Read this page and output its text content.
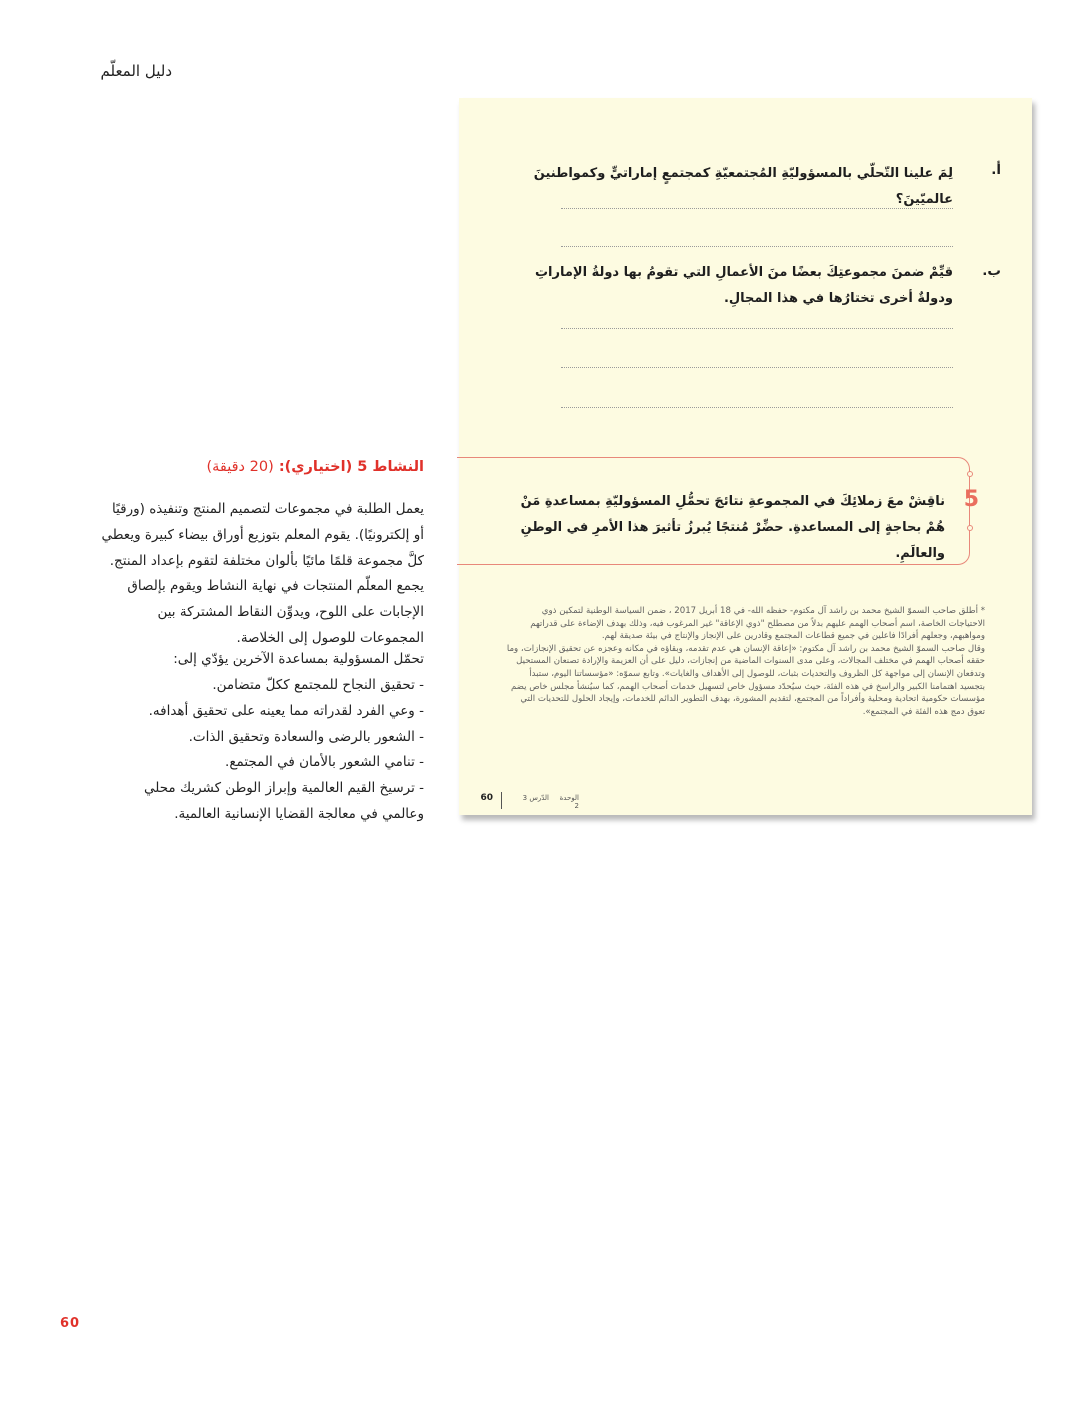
دليل المعلّم
أ.
لِمَ علينا التّحلّي بالمسؤوليّةِ المُجتمعيّةِ كمجتمعٍ إماراتيٍّ وكمواطنينَ عالميّينَ؟
ب.
قيِّمْ ضمنَ مجموعتِكَ بعضًا منَ الأعمالِ التي تقومُ بها دولةُ الإماراتِ ودولةٌ أخرى تختارُها في هذا المجالِ.
5
ناقِشْ معَ زملائِكَ في المجموعةِ نتائجَ تحمُّلِ المسؤوليّةِ بمساعدةِ مَنْ هُمْ بحاجةٍ إلى المساعدةِ. حضِّرْ مُنتجًا يُبرزُ تأثيرَ هذا الأمرِ في الوطنِ والعالَمِ.

* أطلق صاحب السموّ الشيخ محمد بن راشد آل مكتوم- حفظه الله- في 18 أبريل 2017 ، ضمن السياسة الوطنية لتمكين ذوي الاحتياجات الخاصة، اسم أصحاب الهمم عليهم بدلاً من مصطلح "ذوي الإعاقة" غير المرغوب فيه، وذلك بهدف الإضاءة على قدراتهم ومواهبهم، وجعلهم أفرادًا فاعلين في جميع قطاعات المجتمع وقادرين على الإنجاز والإنتاج في بيئة صديقة لهم.

وقال صاحب السموّ الشيخ محمد بن راشد آل مكتوم: «إعاقة الإنسان هي عدم تقدمه، وبقاؤه في مكانه وعجزه عن تحقيق الإنجازات، وما حققه أصحاب الهمم في مختلف المجالات، وعلى مدى السنوات الماضية من إنجازات، دليل على أن العزيمة والإرادة تصنعان المستحيل وتدفعان الإنسان إلى مواجهة كل الظروف والتحديات بثبات، للوصول إلى الأهداف والغايات». وتابع سموّه: «مؤسساتنا اليوم، ستبدأ بتجسيد اهتمامنا الكبير والراسخ في هذه الفئة، حيث سيُحدّد مسؤول خاص لتسهيل خدمات أصحاب الهمم، كما سيُنشأ مجلس خاص يضم مؤسسات حكومية اتحادية ومحلية وأفراداً من المجتمع، لتقديم المشورة، بهدف التطوير الدائم للخدمات، وإيجاد الحلول للتحديات التي تعوق دمج هذه الفئة في المجتمع».

الوحدة 2
الدّرس 3
60
النشاط 5 (اختياري): (20 دقيقة)

يعمل الطلبة في مجموعات لتصميم المنتج وتنفيذه (ورقيًا أو إلكترونيًا). يقوم المعلم بتوزيع أوراق بيضاء كبيرة ويعطي كلَّ مجموعة قلمًا مائيًا بألوان مختلفة لتقوم بإعداد المنتج. يجمع المعلّم المنتجات في نهاية النشاط ويقوم بإلصاق الإجابات على اللوح، ويدوِّن النقاط المشتركة بين المجموعات للوصول إلى الخلاصة.

تحمّل المسؤولية بمساعدة الآخرين يؤدّي إلى:
- تحقيق النجاح للمجتمع ككلّ متضامن.
- وعي الفرد لقدراته مما يعينه على تحقيق أهدافه.
- الشعور بالرضى والسعادة وتحقيق الذات.
- تنامي الشعور بالأمان في المجتمع.
- ترسيخ القيم العالمية وإبراز الوطن كشريك محلي وعالمي في معالجة القضايا الإنسانية العالمية.
60
